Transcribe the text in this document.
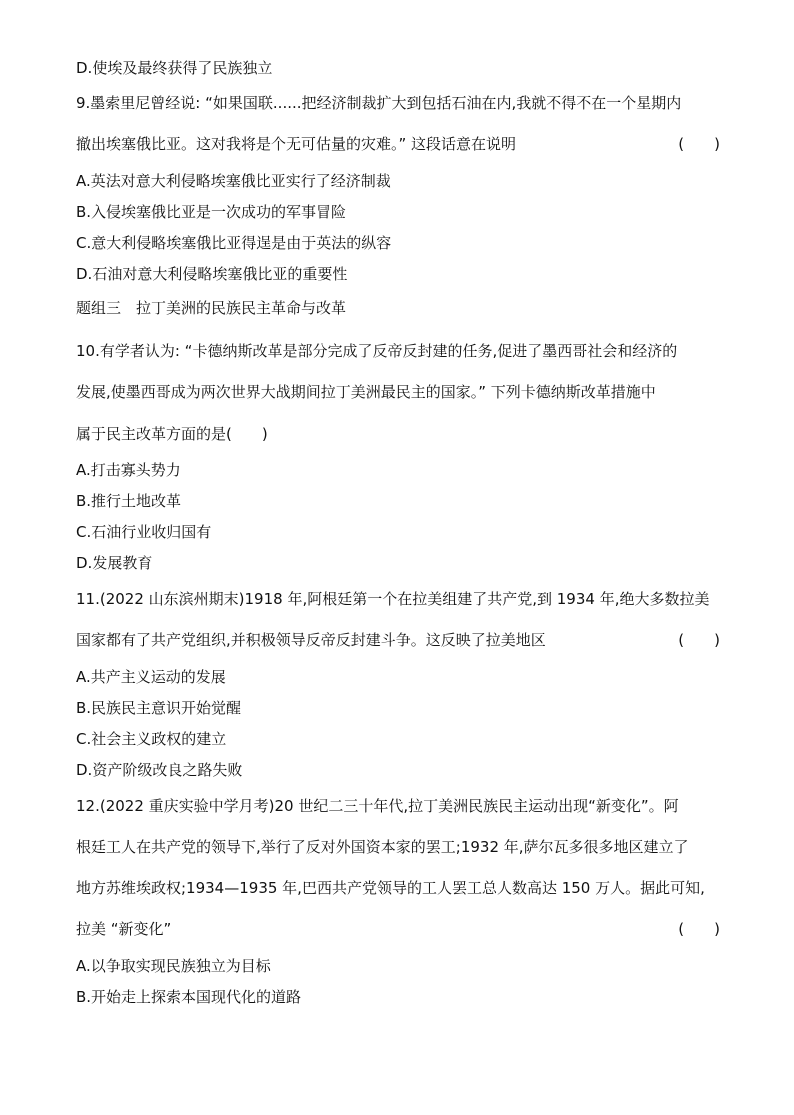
D.使埃及最终获得了民族独立
9.墨索里尼曾经说: “如果国联......把经济制裁扩大到包括石油在内,我就不得不在一个星期内
撤出埃塞俄比亚。这对我将是个无可估量的灾难。” 这段话意在说明	(　　)
A.英法对意大利侵略埃塞俄比亚实行了经济制裁
B.入侵埃塞俄比亚是一次成功的军事冒险
C.意大利侵略埃塞俄比亚得逞是由于英法的纵容
D.石油对意大利侵略埃塞俄比亚的重要性
题组三　拉丁美洲的民族民主革命与改革
10.有学者认为: “卡德纳斯改革是部分完成了反帝反封建的任务,促进了墨西哥社会和经济的
发展,使墨西哥成为两次世界大战期间拉丁美洲最民主的国家。” 下列卡德纳斯改革措施中
属于民主改革方面的是(　　)
A.打击寡头势力
B.推行土地改革
C.石油行业收归国有
D.发展教育
11.(2022 山东滨州期末)1918 年,阿根廷第一个在拉美组建了共产党,到 1934 年,绝大多数拉美
国家都有了共产党组织,并积极领导反帝反封建斗争。这反映了拉美地区	(　　)
A.共产主义运动的发展
B.民族民主意识开始觉醒
C.社会主义政权的建立
D.资产阶级改良之路失败
12.(2022 重庆实验中学月考)20 世纪二三十年代,拉丁美洲民族民主运动出现“新变化”。阿
根廷工人在共产党的领导下,举行了反对外国资本家的罢工;1932 年,萨尔瓦多很多地区建立了
地方苏维埃政权;1934—1935 年,巴西共产党领导的工人罢工总人数高达 150 万人。据此可知,
拉美 “新变化”	(　　)
A.以争取实现民族独立为目标
B.开始走上探索本国现代化的道路
